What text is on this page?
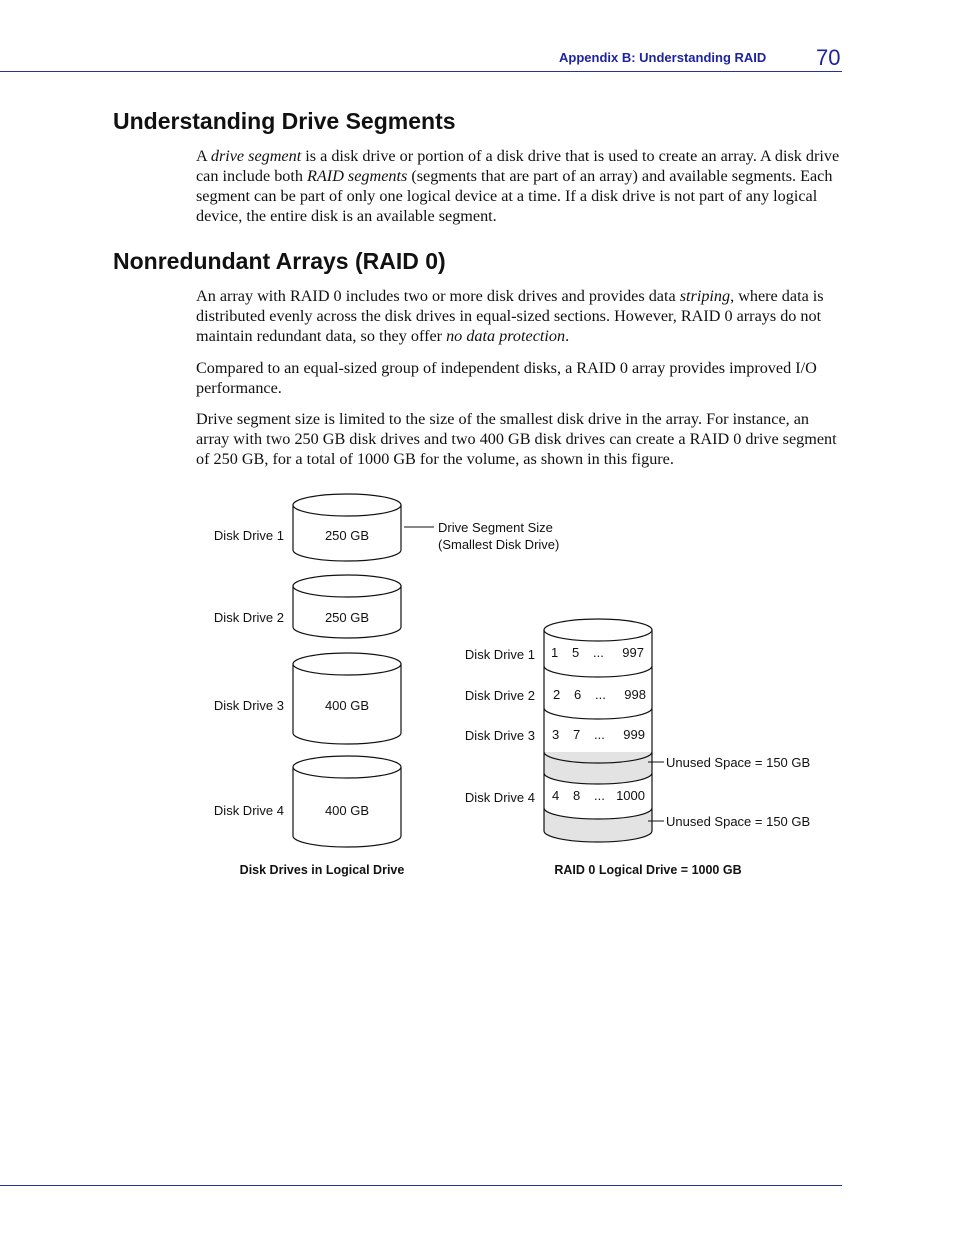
Appendix B: Understanding RAID 70
Understanding Drive Segments

A drive segment is a disk drive or portion of a disk drive that is used to create an array. A disk drive can include both RAID segments (segments that are part of an array) and available segments. Each segment can be part of only one logical device at a time. If a disk drive is not part of any logical device, the entire disk is an available segment.

Nonredundant Arrays (RAID 0)

An array with RAID 0 includes two or more disk drives and provides data striping, where data is distributed evenly across the disk drives in equal-sized sections. However, RAID 0 arrays do not maintain redundant data, so they offer no data protection.

Compared to an equal-sized group of independent disks, a RAID 0 array provides improved I/O performance.

Drive segment size is limited to the size of the smallest disk drive in the array. For instance, an array with two 250 GB disk drives and two 400 GB disk drives can create a RAID 0 drive segment of 250 GB, for a total of 1000 GB for the volume, as shown in this figure.

250 GB
Disk Drive 1
250 GB
Disk Drive 2
400 GB
Disk Drive 3
400 GB
Disk Drive 4
Drive Segment Size
(Smallest Disk Drive)
1 5 ... 997
2 6 ... 998
3 7 ... 999
4 8 ... 1000
Disk Drive 1
Disk Drive 2
Disk Drive 3
Disk Drive 4
Unused Space = 150 GB
Unused Space = 150 GB
Disk Drives in Logical Drive	RAID 0 Logical Drive = 1000 GB
